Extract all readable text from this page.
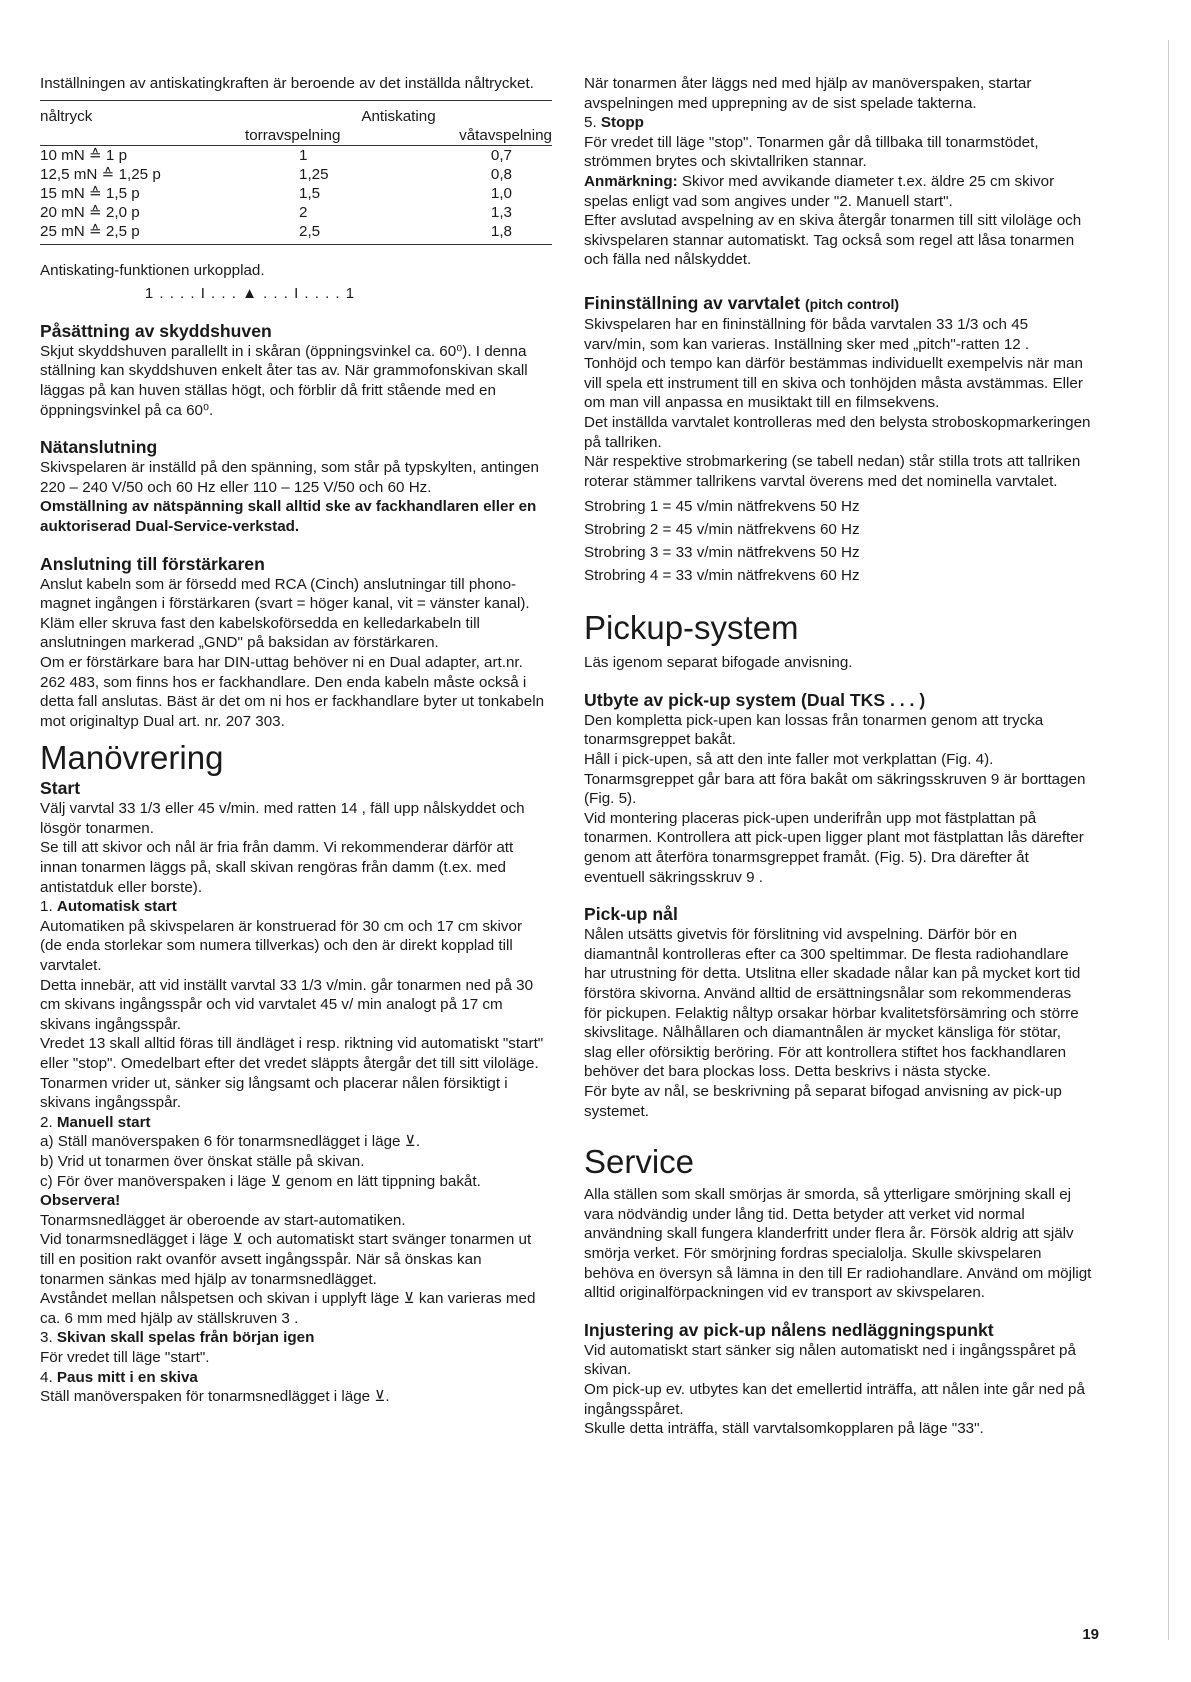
Inställningen av antiskatingkraften är beroende av det inställda nåltrycket.

nåltryck	Antiskating	
	torravspelning	våtavspelning
10 mN ≙ 1 p	1	0,7
12,5 mN ≙ 1,25 p	1,25	0,8
15 mN ≙ 1,5 p	1,5	1,0
20 mN ≙ 2,0 p	2	1,3
25 mN ≙ 2,5 p	2,5	1,8

Antiskating-funktionen urkopplad.

1 . . . . I . . . ▲ . . . I . . . . 1

Påsättning av skyddshuven

Skjut skyddshuven parallellt in i skåran (öppningsvinkel ca. 60⁰). I denna ställning kan skyddshuven enkelt åter tas av. När grammofonskivan skall läggas på kan huven ställas högt, och förblir då fritt stående med en öppningsvinkel på ca 60⁰.

Nätanslutning

Skivspelaren är inställd på den spänning, som står på typskylten, antingen 220 – 240 V/50 och 60 Hz eller 110 – 125 V/50 och 60 Hz.

Omställning av nätspänning skall alltid ske av fackhandlaren eller en auktoriserad Dual-Service-verkstad.

Anslutning till förstärkaren

Anslut kabeln som är försedd med RCA (Cinch) anslutningar till phono-magnet ingången i förstärkaren (svart = höger kanal, vit = vänster kanal). Kläm eller skruva fast den kabelskoförsedda en kelledarkabeln till anslutningen markerad „GND" på baksidan av förstärkaren.

Om er förstärkare bara har DIN-uttag behöver ni en Dual adapter, art.nr. 262 483, som finns hos er fackhandlare. Den enda kabeln måste också i detta fall anslutas. Bäst är det om ni hos er fackhandlare byter ut tonkabeln mot originaltyp Dual art. nr. 207 303.

Manövrering

Start

Välj varvtal 33 1/3 eller 45 v/min. med ratten 14 , fäll upp nålskyddet och lösgör tonarmen.

Se till att skivor och nål är fria från damm. Vi rekommenderar därför att innan tonarmen läggs på, skall skivan rengöras från damm (t.ex. med antistatduk eller borste).

1. Automatisk start

Automatiken på skivspelaren är konstruerad för 30 cm och 17 cm skivor (de enda storlekar som numera tillverkas) och den är direkt kopplad till varvtalet.

Detta innebär, att vid inställt varvtal 33 1/3 v/min. går tonarmen ned på 30 cm skivans ingångsspår och vid varvtalet 45 v/ min analogt på 17 cm skivans ingångsspår.

Vredet 13 skall alltid föras till ändläget i resp. riktning vid automatiskt "start" eller "stop". Omedelbart efter det vredet släppts återgår det till sitt viloläge. Tonarmen vrider ut, sänker sig långsamt och placerar nålen försiktigt i skivans ingångsspår.

2. Manuell start

a) Ställ manöverspaken 6 för tonarmsnedlägget i läge ⊻.

b) Vrid ut tonarmen över önskat ställe på skivan.

c) För över manöverspaken i läge ⊻ genom en lätt tippning bakåt.

Observera!

Tonarmsnedlägget är oberoende av start-automatiken.

Vid tonarmsnedlägget i läge ⊻ och automatiskt start svänger tonarmen ut till en position rakt ovanför avsett ingångsspår. När så önskas kan tonarmen sänkas med hjälp av tonarmsnedlägget.

Avståndet mellan nålspetsen och skivan i upplyft läge ⊻ kan varieras med ca. 6 mm med hjälp av ställskruven 3 .

3. Skivan skall spelas från början igen

För vredet till läge "start".

4. Paus mitt i en skiva

Ställ manöverspaken för tonarmsnedlägget i läge ⊻.

När tonarmen åter läggs ned med hjälp av manöverspaken, startar avspelningen med upprepning av de sist spelade takterna.

5. Stopp

För vredet till läge "stop". Tonarmen går då tillbaka till tonarmstödet, strömmen brytes och skivtallriken stannar.

Anmärkning: Skivor med avvikande diameter t.ex. äldre 25 cm skivor spelas enligt vad som angives under "2. Manuell start".

Efter avslutad avspelning av en skiva återgår tonarmen till sitt viloläge och skivspelaren stannar automatiskt. Tag också som regel att låsa tonarmen och fälla ned nålskyddet.

Fininställning av varvtalet (pitch control)

Skivspelaren har en fininställning för båda varvtalen 33 1/3 och 45 varv/min, som kan varieras. Inställning sker med „pitch"-ratten 12 .

Tonhöjd och tempo kan därför bestämmas individuellt exempelvis när man vill spela ett instrument till en skiva och tonhöjden måsta avstämmas. Eller om man vill anpassa en musiktakt till en filmsekvens.

Det inställda varvtalet kontrolleras med den belysta stroboskopmarkeringen på tallriken.

När respektive strobmarkering (se tabell nedan) står stilla trots att tallriken roterar stämmer tallrikens varvtal överens med det nominella varvtalet.

Strobring 1 = 45 v/min nätfrekvens 50 Hz

Strobring 2 = 45 v/min nätfrekvens 60 Hz

Strobring 3 = 33 v/min nätfrekvens 50 Hz

Strobring 4 = 33 v/min nätfrekvens 60 Hz

Pickup-system

Läs igenom separat bifogade anvisning.

Utbyte av pick-up system (Dual TKS . . . )

Den kompletta pick-upen kan lossas från tonarmen genom att trycka tonarmsgreppet bakåt.

Håll i pick-upen, så att den inte faller mot verkplattan (Fig. 4).

Tonarmsgreppet går bara att föra bakåt om säkringsskruven 9 är borttagen (Fig. 5).

Vid montering placeras pick-upen underifrån upp mot fästplattan på tonarmen. Kontrollera att pick-upen ligger plant mot fästplattan lås därefter genom att återföra tonarmsgreppet framåt. (Fig. 5). Dra därefter åt eventuell säkringsskruv 9 .

Pick-up nål

Nålen utsätts givetvis för förslitning vid avspelning. Därför bör en diamantnål kontrolleras efter ca 300 speltimmar. De flesta radiohandlare har utrustning för detta. Utslitna eller skadade nålar kan på mycket kort tid förstöra skivorna. Använd alltid de ersättningsnålar som rekommenderas för pickupen. Felaktig nåltyp orsakar hörbar kvalitetsförsämring och större skivslitage. Nålhållaren och diamantnålen är mycket känsliga för stötar, slag eller oförsiktig beröring. För att kontrollera stiftet hos fackhandlaren behöver det bara plockas loss. Detta beskrivs i nästa stycke.

För byte av nål, se beskrivning på separat bifogad anvisning av pick-up systemet.

Service

Alla ställen som skall smörjas är smorda, så ytterligare smörjning skall ej vara nödvändig under lång tid. Detta betyder att verket vid normal användning skall fungera klanderfritt under flera år. Försök aldrig att själv smörja verket. För smörjning fordras specialolja. Skulle skivspelaren behöva en översyn så lämna in den till Er radiohandlare. Använd om möjligt alltid originalförpackningen vid ev transport av skivspelaren.

Injustering av pick-up nålens nedläggningspunkt

Vid automatiskt start sänker sig nålen automatiskt ned i ingångsspåret på skivan.

Om pick-up ev. utbytes kan det emellertid inträffa, att nålen inte går ned på ingångsspåret.

Skulle detta inträffa, ställ varvtalsomkopplaren på läge "33".

19
